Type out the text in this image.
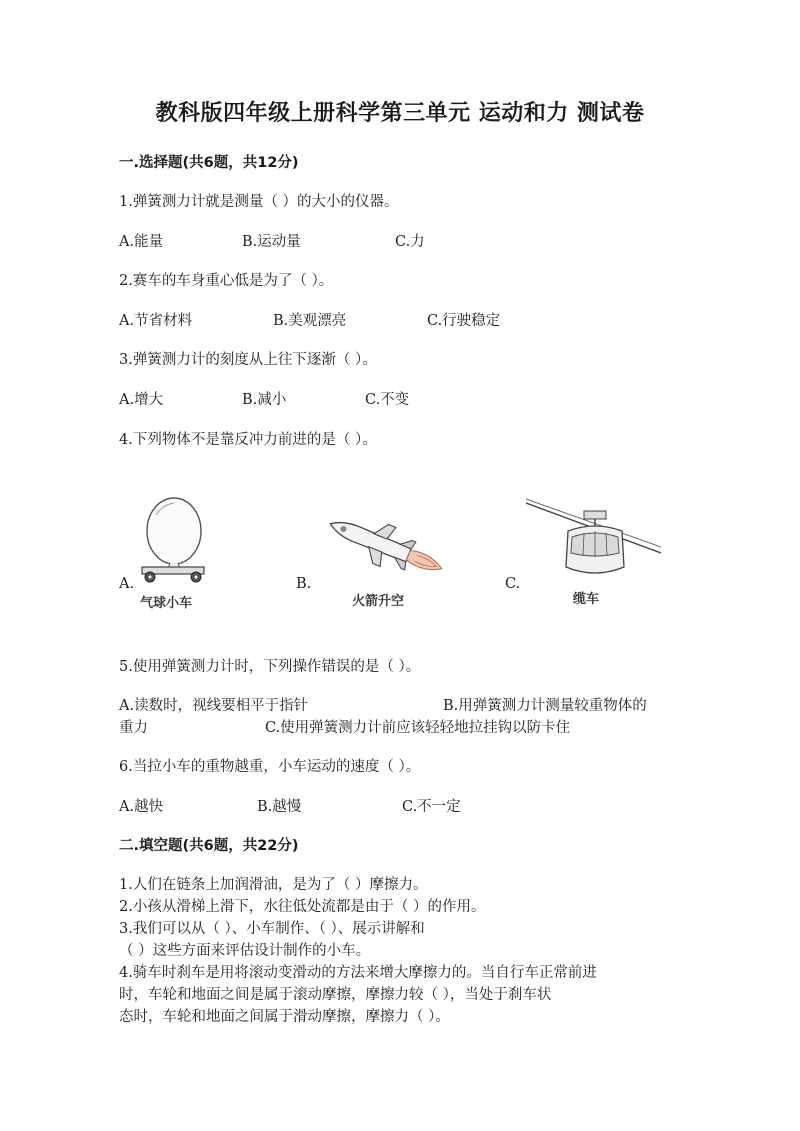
教科版四年级上册科学第三单元 运动和力 测试卷
一.选择题(共6题，共12分)
1.弹簧测力计就是测量（ ）的大小的仪器。
A.能量	B.运动量	C.力
2.赛车的车身重心低是为了（ ）。
A.节省材料	B.美观漂亮	C.行驶稳定
3.弹簧测力计的刻度从上往下逐渐（ ）。
A.增大	B.减小	C.不变
4.下列物体不是靠反冲力前进的是（ ）。
A.	B.	C.
气球小车	火箭升空	缆车
5.使用弹簧测力计时，下列操作错误的是（ ）。
A.读数时，视线要相平于指针	B.用弹簧测力计测量较重物体的
重力	C.使用弹簧测力计前应该轻轻地拉挂钩以防卡住
6.当拉小车的重物越重，小车运动的速度（ ）。
A.越快	B.越慢	C.不一定
二.填空题(共6题，共22分)
1.人们在链条上加润滑油，是为了（ ）摩擦力。
2.小孩从滑梯上滑下，水往低处流都是由于（ ）的作用。
3.我们可以从（ ）、小车制作、（ ）、展示讲解和
（ ）这些方面来评估设计制作的小车。
4.骑车时刹车是用将滚动变滑动的方法来增大摩擦力的。当自行车正常前进
时，车轮和地面之间是属于滚动摩擦，摩擦力较（ ），当处于刹车状
态时，车轮和地面之间属于滑动摩擦，摩擦力（ ）。
